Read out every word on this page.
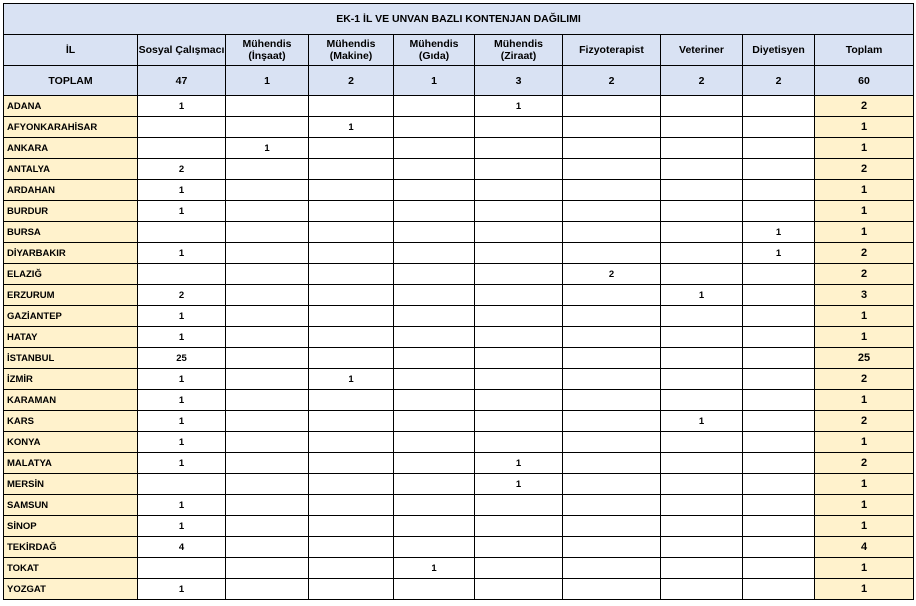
EK-1 İL VE UNVAN BAZLI KONTENJAN DAĞILIMI									
İL	Sosyal Çalışmacı	Mühendis (İnşaat)	Mühendis (Makine)	Mühendis (Gıda)	Mühendis (Ziraat)	Fizyoterapist	Veteriner	Diyetisyen	Toplam
TOPLAM	47	1	2	1	3	2	2	2	60
ADANA	1				1				2
AFYONKARAHİSAR			1						1
ANKARA		1							1
ANTALYA	2								2
ARDAHAN	1								1
BURDUR	1								1
BURSA								1	1
DİYARBAKIR	1							1	2
ELAZIĞ						2			2
ERZURUM	2						1		3
GAZİANTEP	1								1
HATAY	1								1
İSTANBUL	25								25
İZMİR	1		1						2
KARAMAN	1								1
KARS	1						1		2
KONYA	1								1
MALATYA	1				1				2
MERSİN					1				1
SAMSUN	1								1
SİNOP	1								1
TEKİRDAĞ	4								4
TOKAT				1					1
YOZGAT	1								1
